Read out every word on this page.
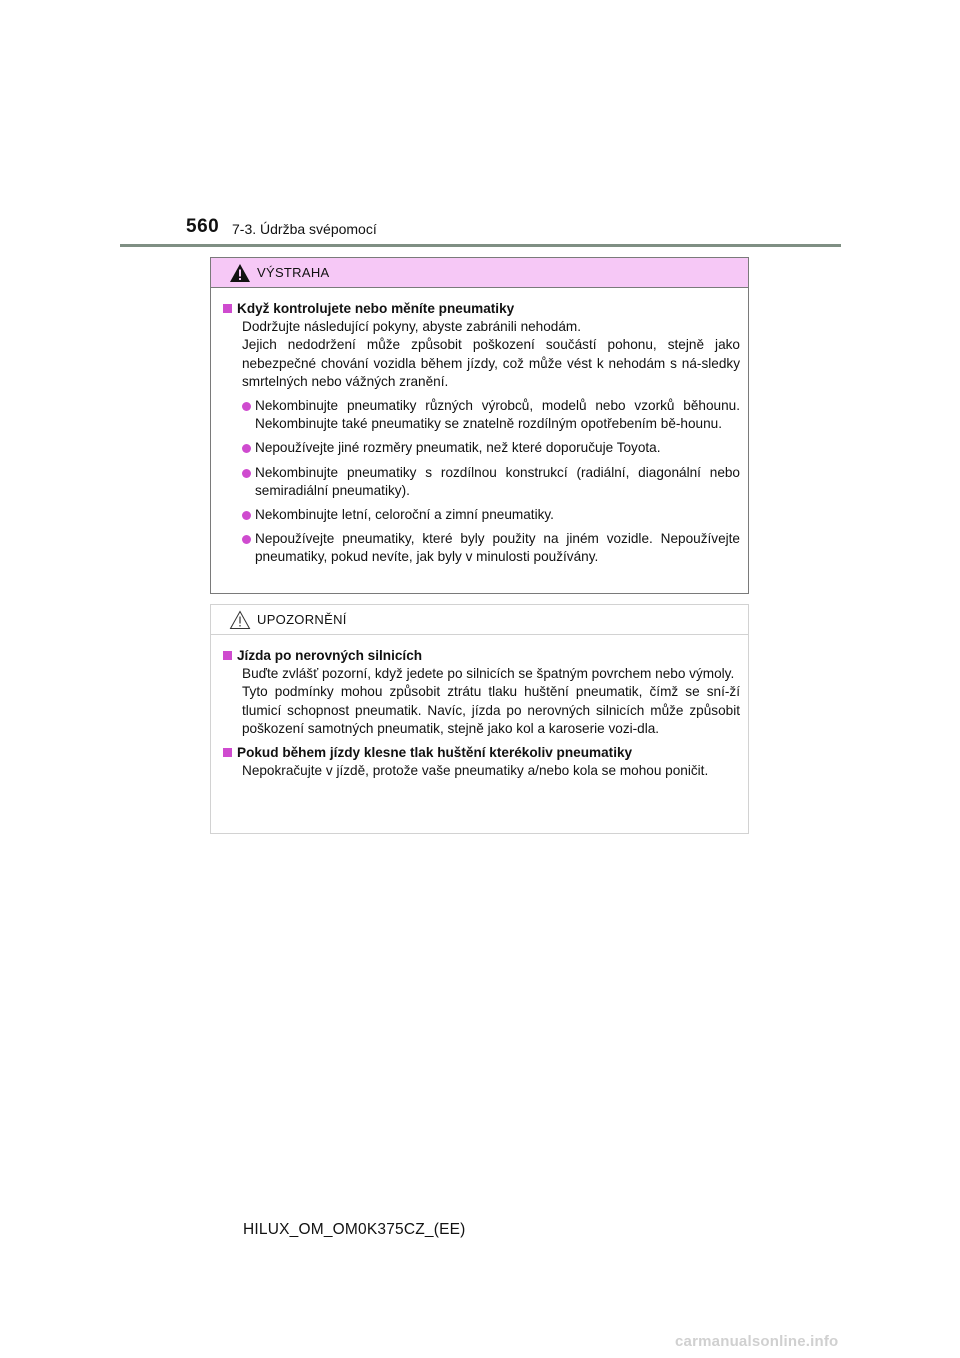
560 7-3. Údržba svépomocí
VÝSTRAHA
Když kontrolujete nebo měníte pneumatiky
Dodržujte následující pokyny, abyste zabránili nehodám.
Jejich nedodržení může způsobit poškození součástí pohonu, stejně jako nebezpečné chování vozidla během jízdy, což může vést k nehodám s ná-sledky smrtelných nebo vážných zranění.
Nekombinujte pneumatiky různých výrobců, modelů nebo vzorků běhounu. Nekombinujte také pneumatiky se znatelně rozdílným opotřebením bě-hounu.
Nepoužívejte jiné rozměry pneumatik, než které doporučuje Toyota.
Nekombinujte pneumatiky s rozdílnou konstrukcí (radiální, diagonální nebo semiradiální pneumatiky).
Nekombinujte letní, celoroční a zimní pneumatiky.
Nepoužívejte pneumatiky, které byly použity na jiném vozidle. Nepoužívejte pneumatiky, pokud nevíte, jak byly v minulosti používány.
UPOZORNĚNÍ
Jízda po nerovných silnicích
Buďte zvlášť pozorní, když jedete po silnicích se špatným povrchem nebo výmoly.
Tyto podmínky mohou způsobit ztrátu tlaku huštění pneumatik, čímž se sní-ží tlumicí schopnost pneumatik. Navíc, jízda po nerovných silnicích může způsobit poškození samotných pneumatik, stejně jako kol a karoserie vozi-dla.
Pokud během jízdy klesne tlak huštění kterékoliv pneumatiky
Nepokračujte v jízdě, protože vaše pneumatiky a/nebo kola se mohou poničit.
HILUX_OM_OM0K375CZ_(EE)
carmanualsonline.info
